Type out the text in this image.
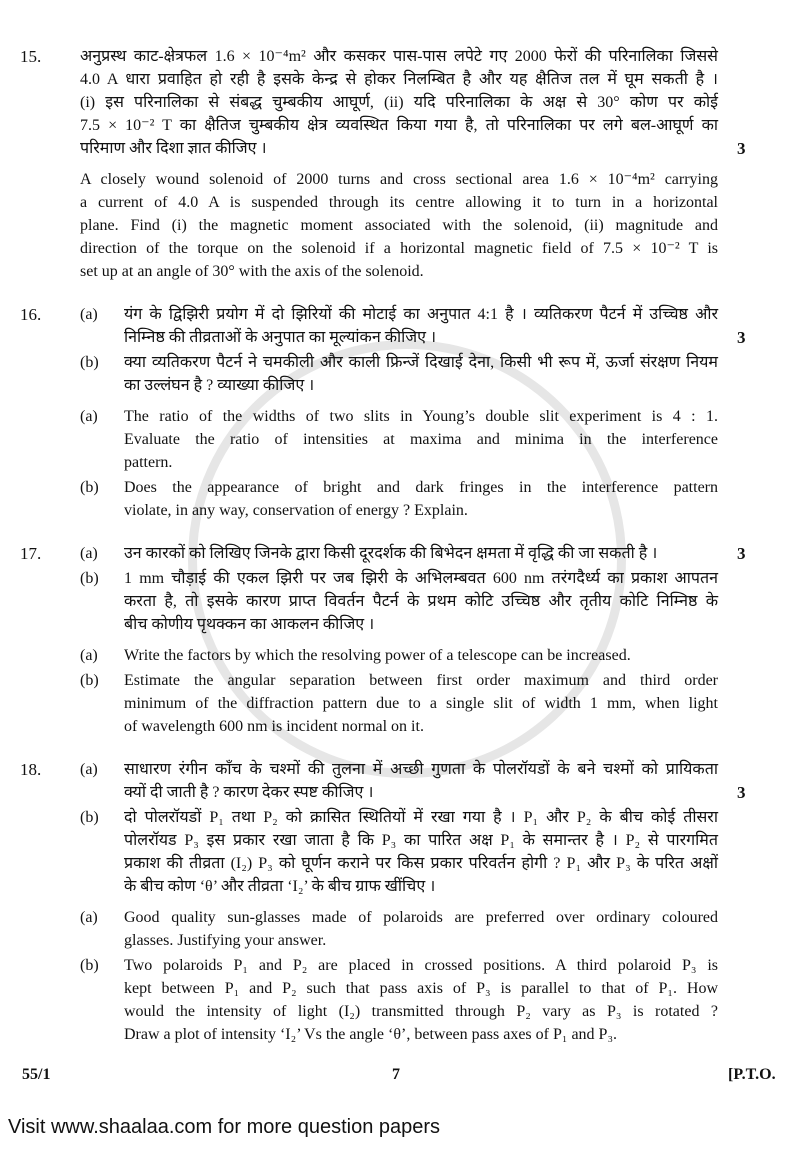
15. अनुप्रस्थ काट-क्षेत्रफल 1.6 × 10⁻⁴m² और कसकर पास-पास लपेटे गए 2000 फेरों की परिनालिका जिससे
4.0 A धारा प्रवाहित हो रही है इसके केन्द्र से होकर निलम्बित है और यह क्षैतिज तल में घूम सकती है ।
(i) इस परिनालिका से संबद्ध चुम्बकीय आघूर्ण, (ii) यदि परिनालिका के अक्ष से 30° कोण पर कोई
7.5 × 10⁻² T का क्षैतिज चुम्बकीय क्षेत्र व्यवस्थित किया गया है, तो परिनालिका पर लगे बल-आघूर्ण का
परिमाण और दिशा ज्ञात कीजिए ।	3
A closely wound solenoid of 2000 turns and cross sectional area 1.6 × 10⁻⁴m² carrying
a current of 4.0 A is suspended through its centre allowing it to turn in a horizontal
plane. Find (i) the magnetic moment associated with the solenoid, (ii) magnitude and
direction of the torque on the solenoid if a horizontal magnetic field of 7.5 × 10⁻² T is
set up at an angle of 30° with the axis of the solenoid.
16. (a) यंग के द्विझिरी प्रयोग में दो झिरियों की मोटाई का अनुपात 4:1 है । व्यतिकरण पैटर्न में उच्चिष्ठ और
निम्निष्ठ की तीव्रताओं के अनुपात का मूल्यांकन कीजिए ।	3
(b) क्या व्यतिकरण पैटर्न ने चमकीली और काली फ्रिन्जें दिखाई देना, किसी भी रूप में, ऊर्जा संरक्षण नियम
का उल्लंघन है ? व्याख्या कीजिए ।
(a) The ratio of the widths of two slits in Young’s double slit experiment is 4 : 1.
Evaluate the ratio of intensities at maxima and minima in the interference
pattern.
(b) Does the appearance of bright and dark fringes in the interference pattern
violate, in any way, conservation of energy ? Explain.
17. (a) उन कारकों को लिखिए जिनके द्वारा किसी दूरदर्शक की बिभेदन क्षमता में वृद्धि की जा सकती है ।	3
(b) 1 mm चौड़ाई की एकल झिरी पर जब झिरी के अभिलम्बवत 600 nm तरंगदैर्ध्य का प्रकाश आपतन
करता है, तो इसके कारण प्राप्त विवर्तन पैटर्न के प्रथम कोटि उच्चिष्ठ और तृतीय कोटि निम्निष्ठ के
बीच कोणीय पृथक्कन का आकलन कीजिए ।
(a) Write the factors by which the resolving power of a telescope can be increased.
(b) Estimate the angular separation between first order maximum and third order
minimum of the diffraction pattern due to a single slit of width 1 mm, when light
of wavelength 600 nm is incident normal on it.
18. (a) साधारण रंगीन काँच के चश्मों की तुलना में अच्छी गुणता के पोलरॉयडों के बने चश्मों को प्रायिकता
क्यों दी जाती है ? कारण देकर स्पष्ट कीजिए ।	3
(b) दो पोलरॉयडों P₁ तथा P₂ को क्रासित स्थितियों में रखा गया है । P₁ और P₂ के बीच कोई तीसरा
पोलरॉयड P₃ इस प्रकार रखा जाता है कि P₃ का पारित अक्ष P₁ के समान्तर है । P₂ से पारगमित
प्रकाश की तीव्रता (I₂) P₃ को घूर्णन कराने पर किस प्रकार परिवर्तन होगी ? P₁ और P₃ के परित अक्षों
के बीच कोण ‘θ’ और तीव्रता ‘I₂’ के बीच ग्राफ खींचिए ।
(a) Good quality sun-glasses made of polaroids are preferred over ordinary coloured
glasses. Justifying your answer.
(b) Two polaroids P₁ and P₂ are placed in crossed positions. A third polaroid P₃ is
kept between P₁ and P₂ such that pass axis of P₃ is parallel to that of P₁. How
would the intensity of light (I₂) transmitted through P₂ vary as P₃ is rotated ?
Draw a plot of intensity ‘I₂’ Vs the angle ‘θ’, between pass axes of P₁ and P₃.
55/1	7	[P.T.O.
Visit www.shaalaa.com for more question papers
